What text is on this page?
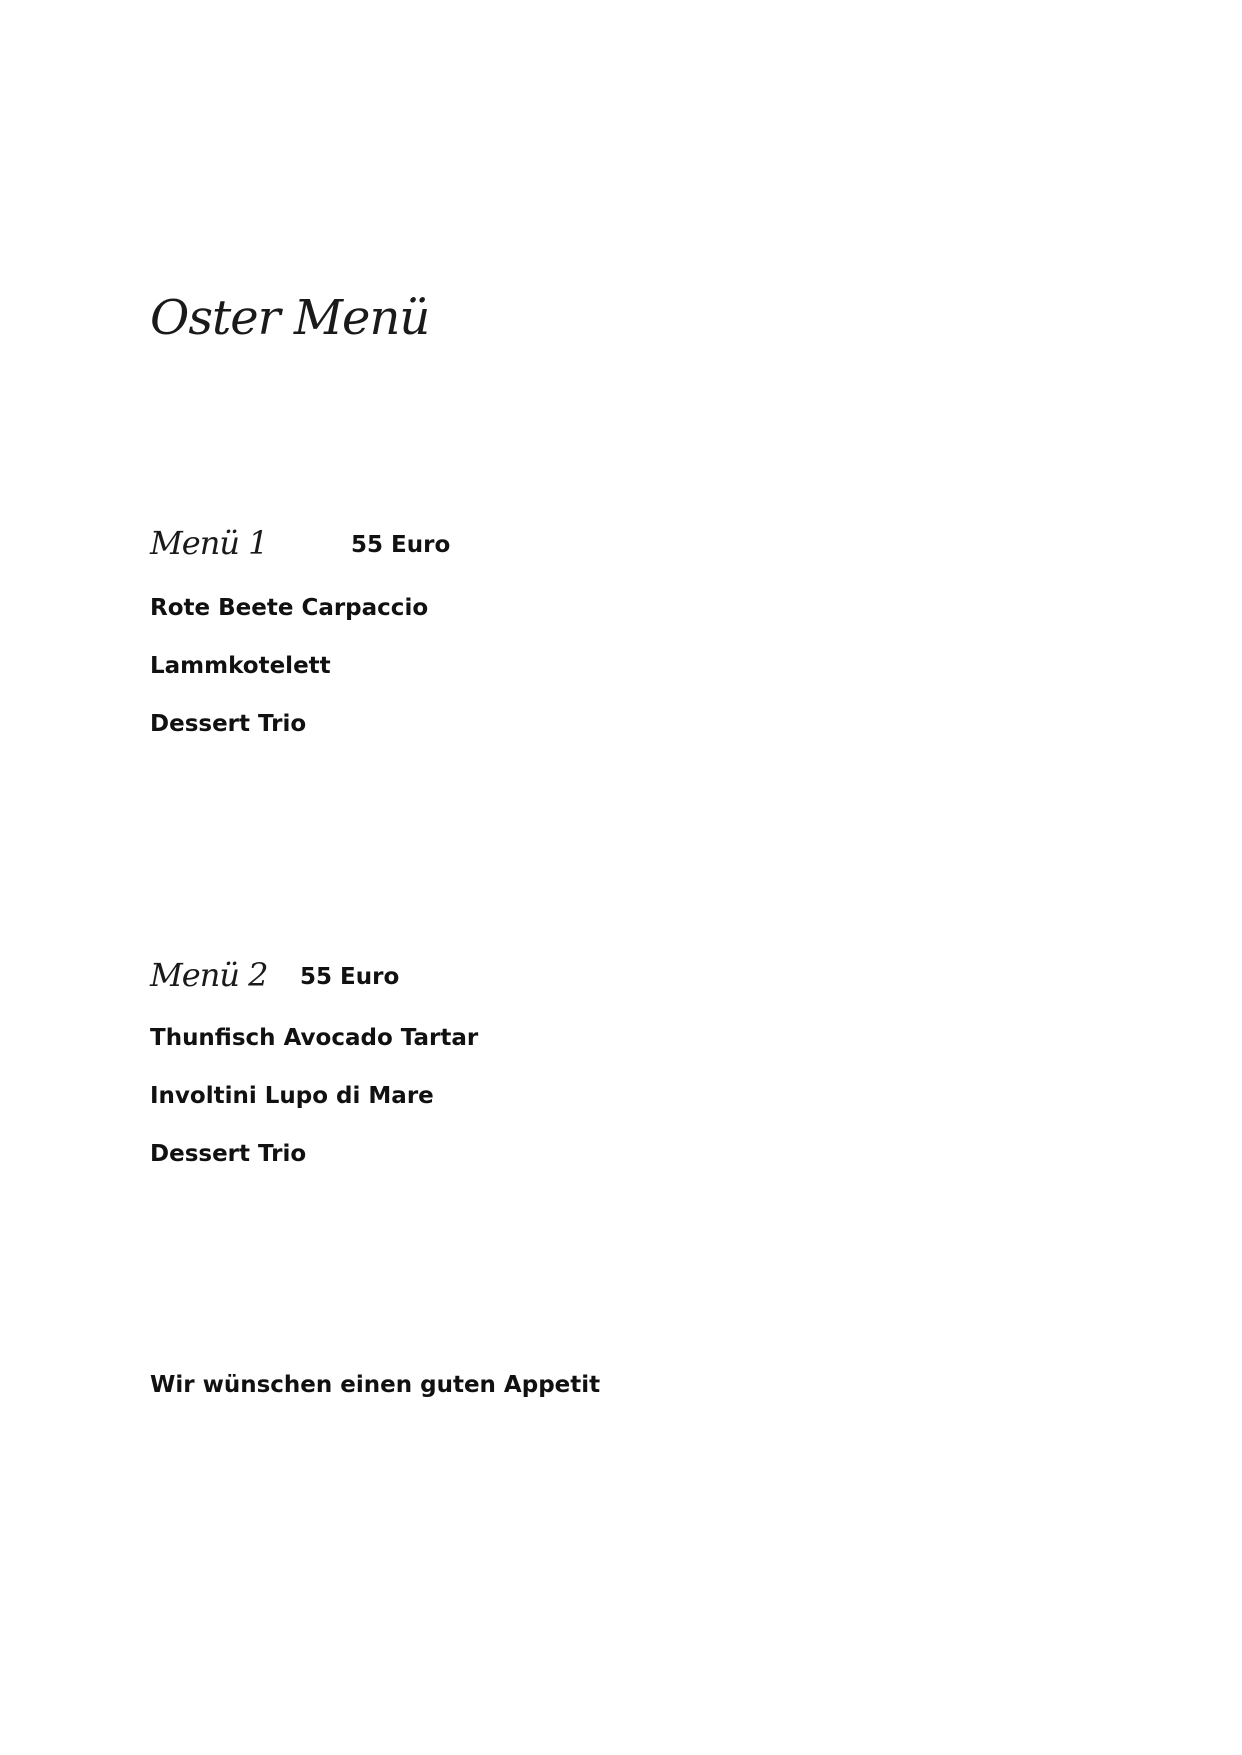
Oster Menü
Menü 1	55 Euro
Rote Beete Carpaccio
Lammkotelett
Dessert Trio
Menü 2 55 Euro
Thunfisch Avocado Tartar
Involtini Lupo di Mare
Dessert Trio
Wir wünschen einen guten Appetit
